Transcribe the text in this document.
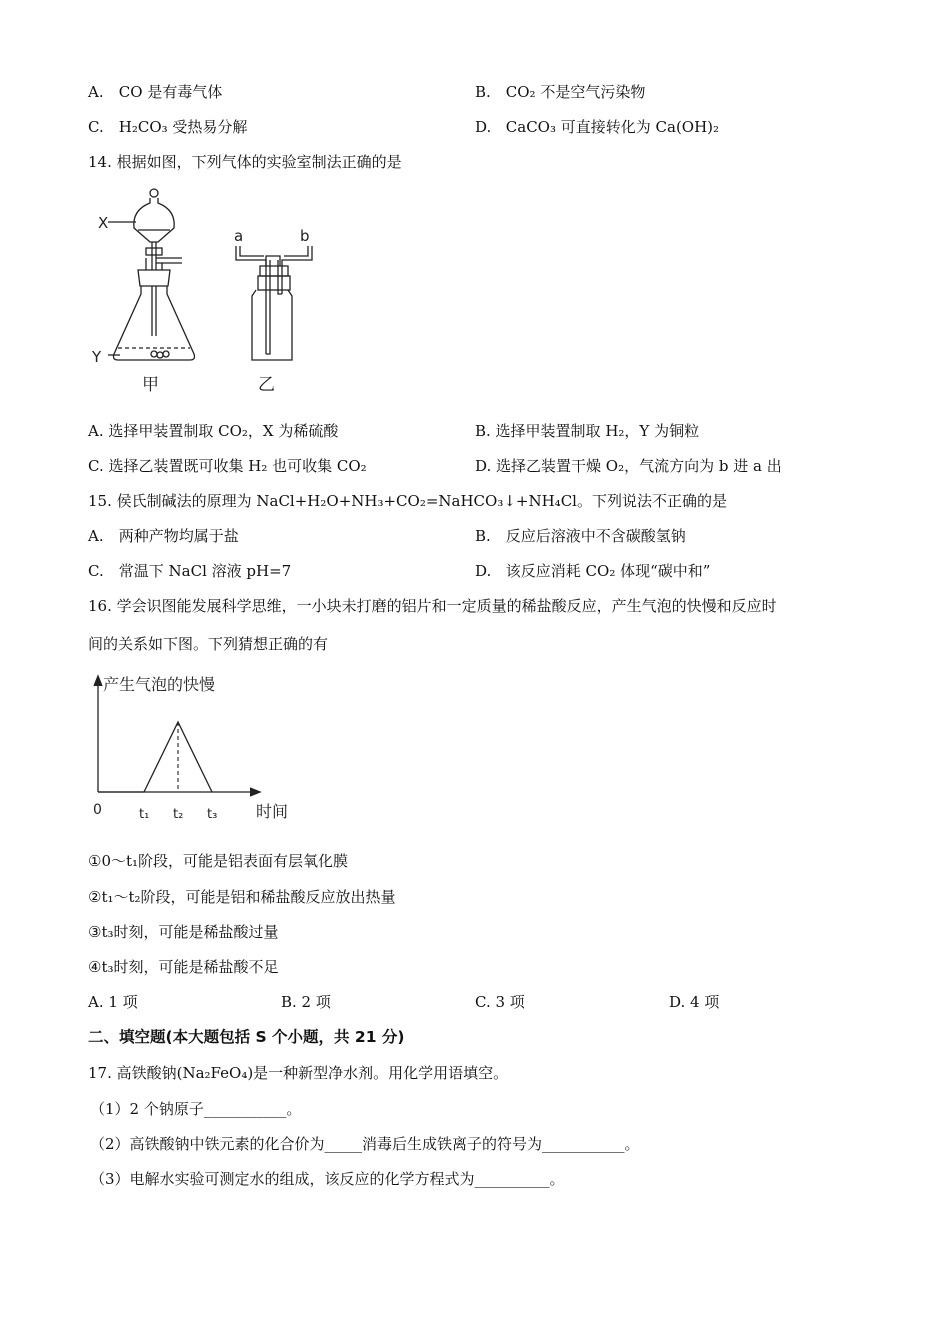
A. CO 是有毒气体	B. CO₂ 不是空气污染物
C. H₂CO₃ 受热易分解	D. CaCO₃ 可直接转化为 Ca(OH)₂
14. 根据如图，下列气体的实验室制法正确的是
X
Y
a	b
甲	乙
A. 选择甲装置制取 CO₂，X 为稀硫酸	B. 选择甲装置制取 H₂，Y 为铜粒
C. 选择乙装置既可收集 H₂ 也可收集 CO₂	D. 选择乙装置干燥 O₂，气流方向为 b 进 a 出
15. 侯氏制碱法的原理为 NaCl+H₂O+NH₃+CO₂=NaHCO₃↓+NH₄Cl。下列说法不正确的是
A. 两种产物均属于盐	B. 反应后溶液中不含碳酸氢钠
C. 常温下 NaCl 溶液 pH=7	D. 该反应消耗 CO₂ 体现“碳中和”
16. 学会识图能发展科学思维，一小块未打磨的铝片和一定质量的稀盐酸反应，产生气泡的快慢和反应时
间的关系如下图。下列猜想正确的有
产生气泡的快慢
时间
0	t₁ t₂ t₃
①0～t₁阶段，可能是铝表面有层氧化膜
②t₁～t₂阶段，可能是铝和稀盐酸反应放出热量
③t₃时刻，可能是稀盐酸过量
④t₃时刻，可能是稀盐酸不足
A. 1 项	B. 2 项	C. 3 项	D. 4 项
二、填空题(本大题包括 S 个小题，共 21 分)
17. 高铁酸钠(Na₂FeO₄)是一种新型净水剂。用化学用语填空。
（1）2 个钠原子___________。
（2）高铁酸钠中铁元素的化合价为_____消毒后生成铁离子的符号为___________。
（3）电解水实验可测定水的组成，该反应的化学方程式为__________。
